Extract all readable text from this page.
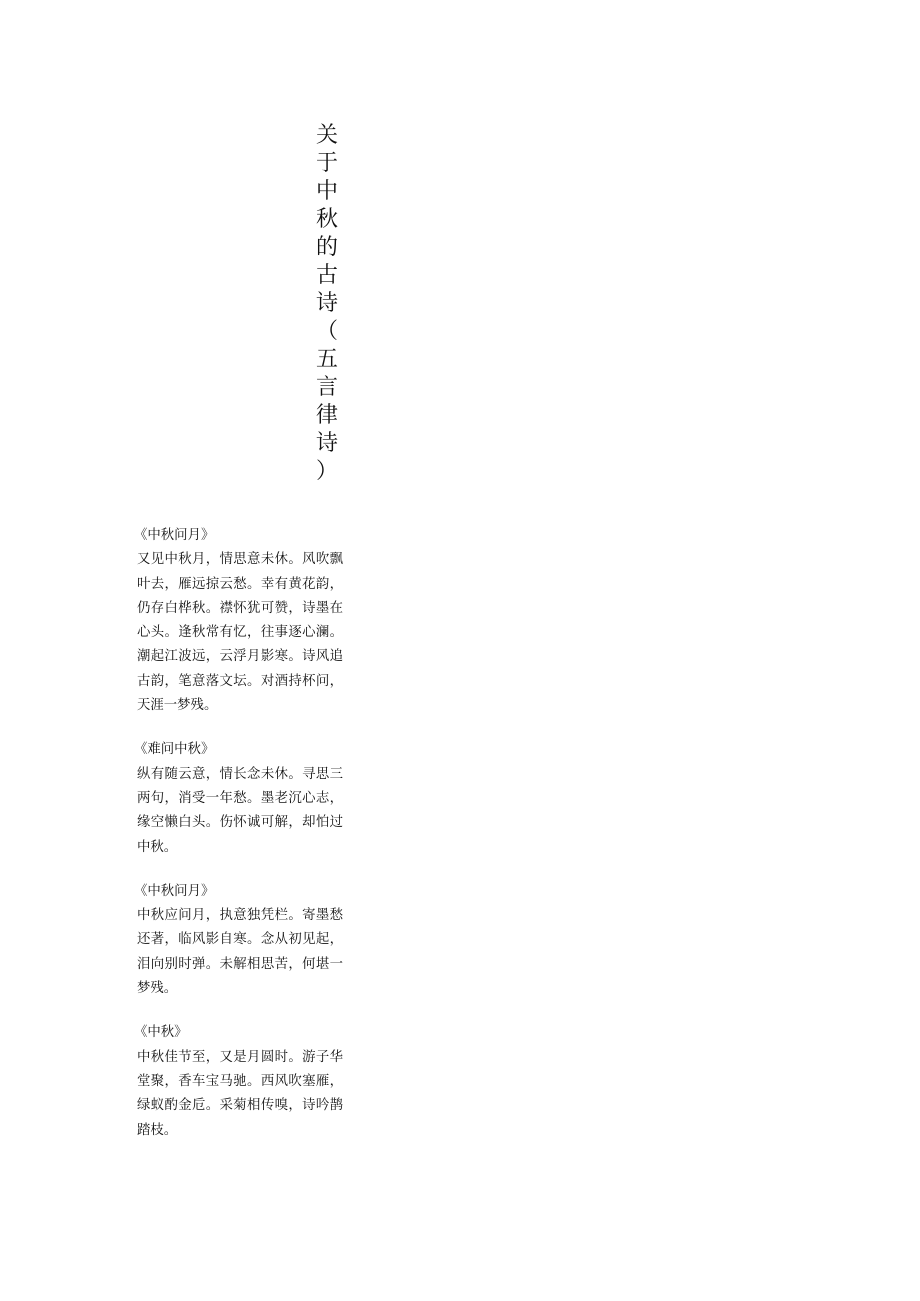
关
于
中
秋
的
古
诗
（
五
言
律
诗
）

《中秋问月》

又见中秋月，情思意未休。风吹飘叶去，雁远掠云愁。幸有黄花韵，仍存白桦秋。襟怀犹可赞，诗墨在心头。逢秋常有忆，往事逐心澜。潮起江波远，云浮月影寒。诗风追古韵，笔意落文坛。对酒持杯问，天涯一梦残。

《难问中秋》

纵有随云意，情长念未休。寻思三两句，消受一年愁。墨老沉心志，缘空懒白头。伤怀诚可解，却怕过中秋。

《中秋问月》

中秋应问月，执意独凭栏。寄墨愁还著，临风影自寒。念从初见起，泪向别时弹。未解相思苦，何堪一梦残。

《中秋》

中秋佳节至，又是月圆时。游子华堂聚，香车宝马驰。西风吹塞雁，绿蚁酌金卮。采菊相传嗅，诗吟鹊踏枝。
